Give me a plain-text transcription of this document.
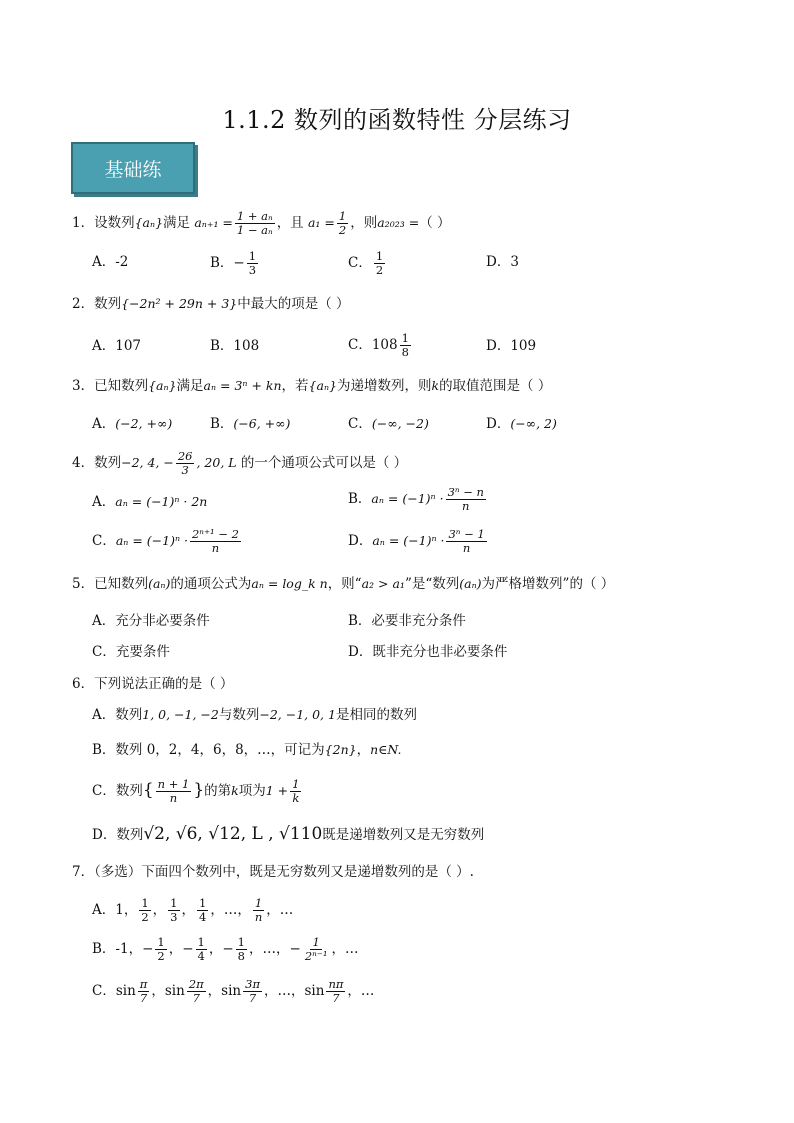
1.1.2 数列的函数特性 分层练习
基础练
1．设数列{aₙ}满足 $a_{n+1} = \frac{\text{1 + aₙ}}{\text{1 − aₙ}}$ ，且 $a_1 = \frac{1}{2}$ ，则a₂₀₂₃ =（ ）
A．-2	B．− $\frac{1}{3}$	C． $\frac{1}{2}$	D．3
2．数列{−2n² + 29n + 3}中最大的项是（ ）
A．107	B．108	C．$108 \frac{1}{8}$	D．109
3．已知数列{aₙ}满足aₙ = 3ⁿ + kn，若{aₙ}为递增数列，则k的取值范围是（ ）
A．(−2, +∞)	B．(−6, +∞)	C．(−∞, −2)	D．(−∞, 2)
4．数列−2, 4, − $\frac{26}{3}$ , 20, L 的一个通项公式可以是（ ）
A．aₙ = (−1)ⁿ · 2n	B．$a_n = (-1)^n \cdot \frac{\text{3ⁿ − n}}{n}$
C．$a_n = (-1)^n \cdot \frac{\text{2ⁿ⁺¹ − 2}}{n}$	D．$a_n = (-1)^n \cdot \frac{\text{3ⁿ − 1}}{n}$
5．已知数列(aₙ)的通项公式为aₙ = log_k n，则“a₂ > a₁”是“数列(aₙ)为严格增数列”的（ ）
A．充分非必要条件	B．必要非充分条件
C．充要条件	D．既非充分也非必要条件
6．下列说法正确的是（ ）
A．数列1, 0, −1, −2与数列−2, −1, 0, 1是相同的数列
B．数列 0，2，4，6，8，…，可记为{2n}，n∈N.
C．数列{ $\frac{n + 1}{n}$ }的第k项为$1 + \frac{1}{k}$
D．数列√2, √6, √12, L , √110既是递增数列又是无穷数列
7．（多选）下面四个数列中，既是无穷数列又是递增数列的是（ ）.
A．1， $\frac{1}{2}$ ， $\frac{1}{3}$ ， $\frac{1}{4}$ ，…， $\frac{1}{n}$ ，…
B．-1，− $\frac{1}{2}$ ，− $\frac{1}{4}$ ，− $\frac{1}{8}$ ，…，− $\frac{1}{\text{2ⁿ⁻¹}}$ ，…
C．$\sin \frac{\pi}{7}$ ，$\sin \frac{2\pi}{7}$ ，$\sin \frac{3\pi}{7}$ ，…，$\sin \frac{n\pi}{7}$ ，…
